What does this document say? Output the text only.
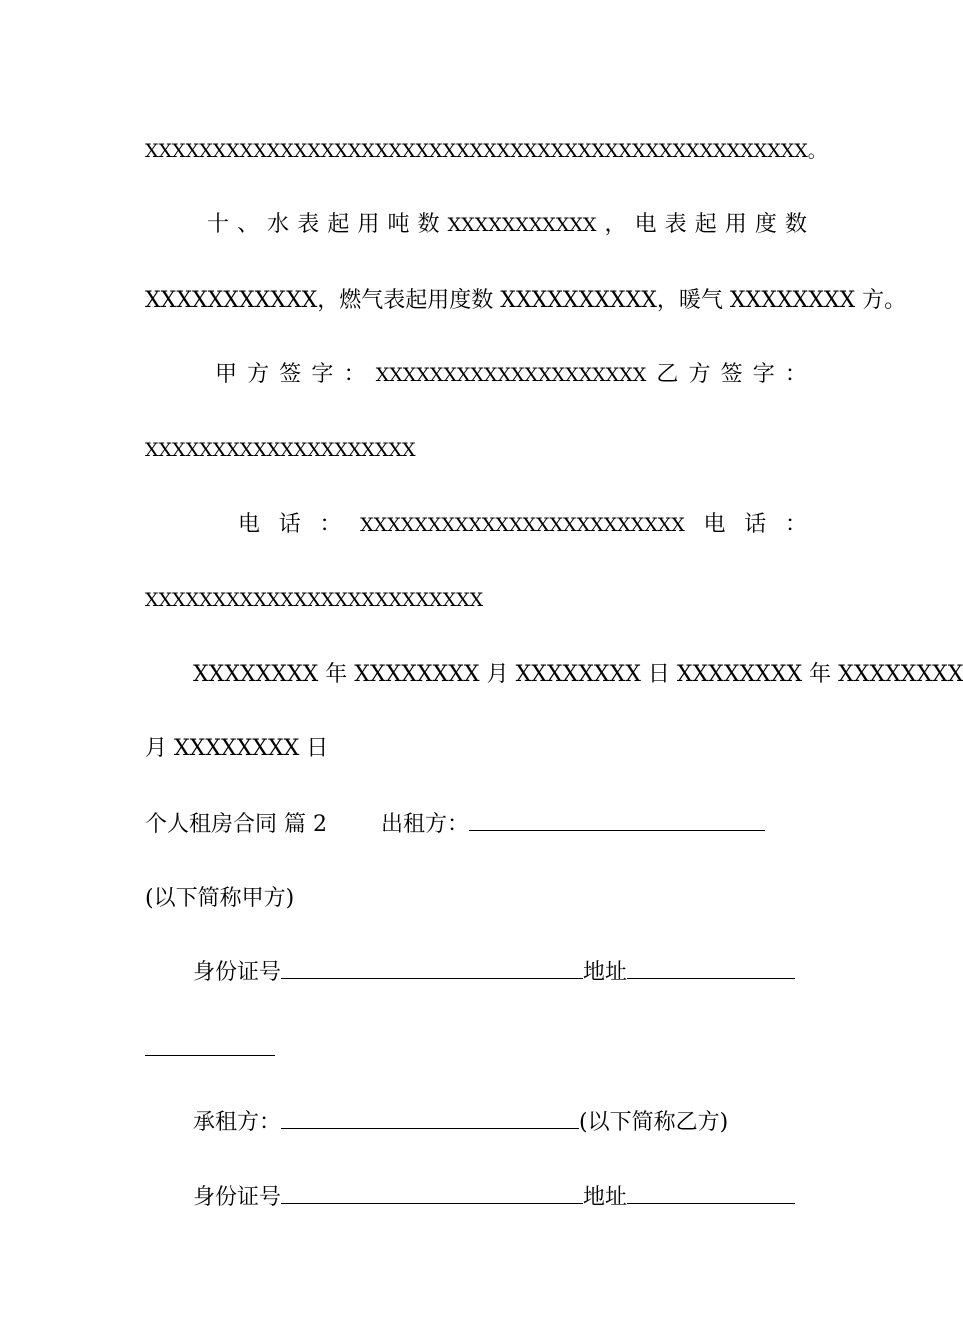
XXXXXXXXXXXXXXXXXXXXXXXXXXXXXXXXXXXXXXXXXXXXXXXXX。
十 、 水 表 起 用 吨 数 XXXXXXXXXXX ， 电 表 起 用 度 数
XXXXXXXXXXX，燃气表起用度数 XXXXXXXXXX，暖气 XXXXXXXX 方。
甲 方 签 字 ： XXXXXXXXXXXXXXXXXXXX 乙 方 签 字 ：
XXXXXXXXXXXXXXXXXXXX
电 话 ： XXXXXXXXXXXXXXXXXXXXXXXX 电 话 ：
XXXXXXXXXXXXXXXXXXXXXXXXX
XXXXXXXX 年 XXXXXXXX 月 XXXXXXXX 日 XXXXXXXX 年 XXXXXXXX
月 XXXXXXXX 日
个人租房合同 篇 2 出租方：
(以下简称甲方)
身份证号	地址
承租方：	(以下简称乙方)
身份证号	地址
